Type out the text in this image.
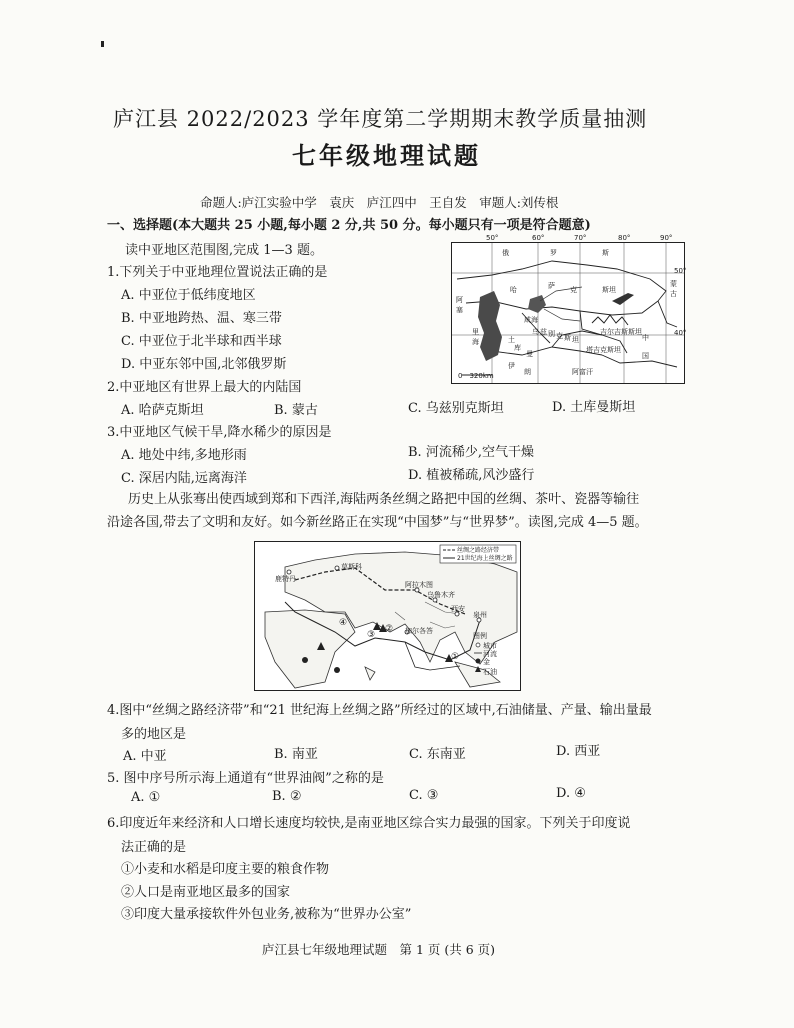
庐江县 2022/2023 学年度第二学期期末教学质量抽测
七年级地理试题
命题人:庐江实验中学　袁庆　庐江四中　王自发　审题人:刘传根
一、选择题(本大题共 25 小题,每小题 2 分,共 50 分。每小题只有一项是符合题意)
读中亚地区范围图,完成 1—3 题。
1.下列关于中亚地理位置说法正确的是
A. 中亚位于低纬度地区
B. 中亚地跨热、温、寒三带
C. 中亚位于北半球和西半球
D. 中亚东邻中国,北邻俄罗斯
50°	60°	70°	80°	90°
50°
40°
俄	罗	斯
哈	萨 克	斯坦
咸海
阿
塞
土
库
曼
乌 兹 别 克 斯 坦
吉尔吉斯斯坦
塔吉克斯坦
伊
朗	阿富汗
中
国
蒙
古
里
海
0　320km
2.中亚地区有世界上最大的内陆国
A. 哈萨克斯坦	B. 蒙古	C. 乌兹别克斯坦	D. 土库曼斯坦
3.中亚地区气候干旱,降水稀少的原因是
A. 地处中纬,多地形雨	B. 河流稀少,空气干燥
C. 深居内陆,远离海洋	D. 植被稀疏,风沙盛行
历史上从张骞出使西域到郑和下西洋,海陆两条丝绸之路把中国的丝绸、茶叶、瓷器等输往
沿途各国,带去了文明和友好。如今新丝路正在实现“中国梦”与“世界梦”。读图,完成 4—5 题。
丝绸之路经济带
21世纪海上丝绸之路
莫斯科
鹿特丹
阿拉木图
乌鲁木齐
西安
泉州
加尔各答
①
②
③
④
图例
城市
河流
金
石油
4.图中“丝绸之路经济带”和“21 世纪海上丝绸之路”所经过的区域中,石油储量、产量、输出量最
多的地区是
A. 中亚	B. 南亚	C. 东南亚	D. 西亚
5. 图中序号所示海上通道有“世界油阀”之称的是
A. ①	B. ②	C. ③	D. ④
6.印度近年来经济和人口增长速度均较快,是南亚地区综合实力最强的国家。下列关于印度说
法正确的是
①小麦和水稻是印度主要的粮食作物
②人口是南亚地区最多的国家
③印度大量承接软件外包业务,被称为“世界办公室”
庐江县七年级地理试题　第 1 页 (共 6 页)
